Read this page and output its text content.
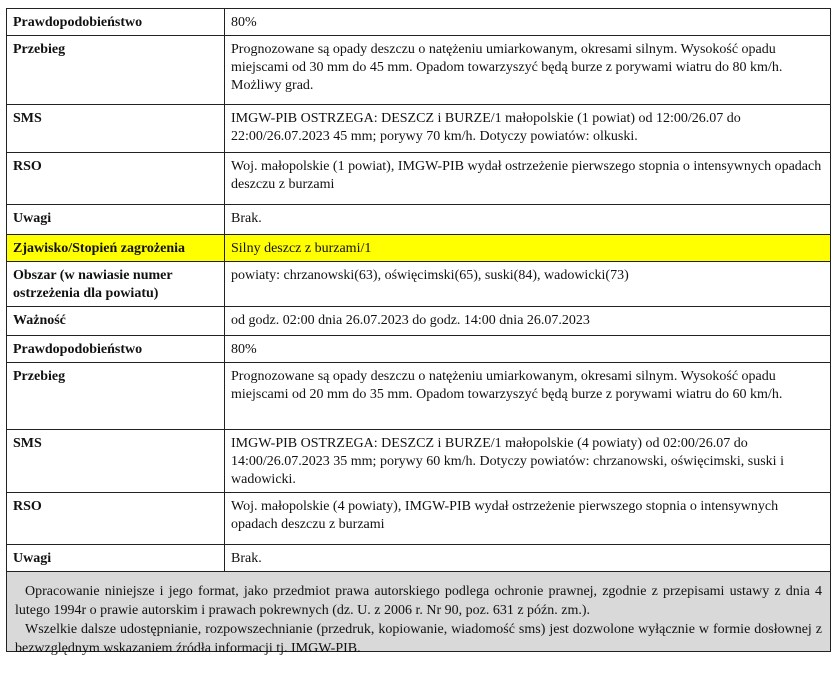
Prawdopodobieństwo	80%
Przebieg	Prognozowane są opady deszczu o natężeniu umiarkowanym, okresami silnym. Wysokość opadu miejscami od 30 mm do 45 mm. Opadom towarzyszyć będą burze z porywami wiatru do 80 km/h. Możliwy grad.
SMS	IMGW-PIB OSTRZEGA: DESZCZ i BURZE/1 małopolskie (1 powiat) od 12:00/26.07 do 22:00/26.07.2023 45 mm; porywy 70 km/h. Dotyczy powiatów: olkuski.
RSO	Woj. małopolskie (1 powiat), IMGW-PIB wydał ostrzeżenie pierwszego stopnia o intensywnych opadach deszczu z burzami
Uwagi	Brak.
Zjawisko/Stopień zagrożenia	Silny deszcz z burzami/1
Obszar (w nawiasie numer ostrzeżenia dla powiatu)	powiaty: chrzanowski(63), oświęcimski(65), suski(84), wadowicki(73)
Ważność	od godz. 02:00 dnia 26.07.2023 do godz. 14:00 dnia 26.07.2023
Prawdopodobieństwo	80%
Przebieg	Prognozowane są opady deszczu o natężeniu umiarkowanym, okresami silnym. Wysokość opadu miejscami od 20 mm do 35 mm. Opadom towarzyszyć będą burze z porywami wiatru do 60 km/h.
SMS	IMGW-PIB OSTRZEGA: DESZCZ i BURZE/1 małopolskie (4 powiaty) od 02:00/26.07 do 14:00/26.07.2023 35 mm; porywy 60 km/h. Dotyczy powiatów: chrzanowski, oświęcimski, suski i wadowicki.
RSO	Woj. małopolskie (4 powiaty), IMGW-PIB wydał ostrzeżenie pierwszego stopnia o intensywnych opadach deszczu z burzami
Uwagi	Brak.

Opracowanie niniejsze i jego format, jako przedmiot prawa autorskiego podlega ochronie prawnej, zgodnie z przepisami ustawy z dnia 4 lutego 1994r o prawie autorskim i prawach pokrewnych (dz. U. z 2006 r. Nr 90, poz. 631 z późn. zm.).

Wszelkie dalsze udostępnianie, rozpowszechnianie (przedruk, kopiowanie, wiadomość sms) jest dozwolone wyłącznie w formie dosłownej z bezwzględnym wskazaniem źródła informacji tj. IMGW-PIB.
